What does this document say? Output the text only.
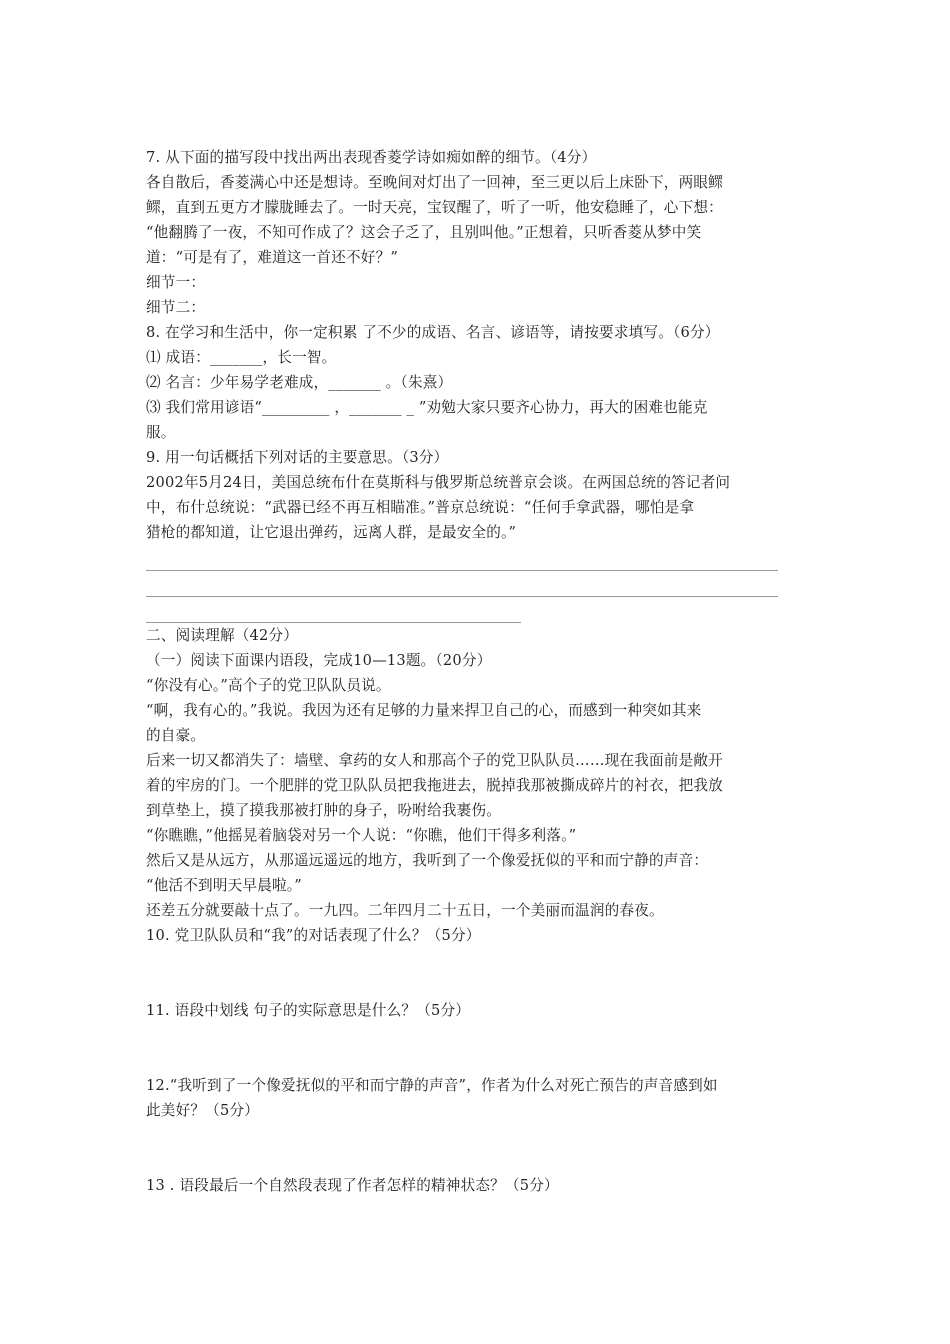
7. 从下面的描写段中找出两出表现香菱学诗如痴如醉的细节。（4分）
各自散后，香菱满心中还是想诗。至晚间对灯出了一回神，至三更以后上床卧下，两眼鳏
鳏，直到五更方才朦胧睡去了。一时天亮，宝钗醒了，听了一听，他安稳睡了，心下想：
“他翻腾了一夜，不知可作成了？这会子乏了，且别叫他。”正想着，只听香菱从梦中笑
道：“可是有了，难道这一首还不好？”
细节一：
细节二：
8. 在学习和生活中，你一定积累 了不少的成语、名言、谚语等，请按要求填写。（6分）
⑴ 成语：_______，长一智。
⑵ 名言：少年易学老难成，_______ 。（朱熹）
⑶ 我们常用谚语“_________ ，_______ _ ”劝勉大家只要齐心协力，再大的困难也能克
服。
9. 用一句话概括下列对话的主要意思。（3分）
2002年5月24日，美国总统布什在莫斯科与俄罗斯总统普京会谈。在两国总统的答记者问
中，布什总统说：“武器已经不再互相瞄准。”普京总统说：“任何手拿武器，哪怕是拿
猎枪的都知道，让它退出弹药，远离人群，是最安全的。”
二、阅读理解（42分）
（一）阅读下面课内语段，完成10—13题。（20分）
“你没有心。”高个子的党卫队队员说。
“啊，我有心的。”我说。我因为还有足够的力量来捍卫自己的心，而感到一种突如其来
的自豪。
后来一切又都消失了：墙壁、拿药的女人和那高个子的党卫队队员……现在我面前是敞开
着的牢房的门。一个肥胖的党卫队队员把我拖进去，脱掉我那被撕成碎片的衬衣，把我放
到草垫上，摸了摸我那被打肿的身子，吩咐给我裹伤。
“你瞧瞧，”他摇晃着脑袋对另一个人说：“你瞧，他们干得多利落。”
然后又是从远方，从那遥远遥远的地方，我听到了一个像爱抚似的平和而宁静的声音：
“他活不到明天早晨啦。”
还差五分就要敲十点了。一九四。二年四月二十五日，一个美丽而温润的春夜。
10. 党卫队队员和“我”的对话表现了什么？（5分）
11. 语段中划线 句子的实际意思是什么？（5分）
12.“我听到了一个像爱抚似的平和而宁静的声音”，作者为什么对死亡预告的声音感到如
此美好？（5分）
13 . 语段最后一个自然段表现了作者怎样的精神状态？（5分）
